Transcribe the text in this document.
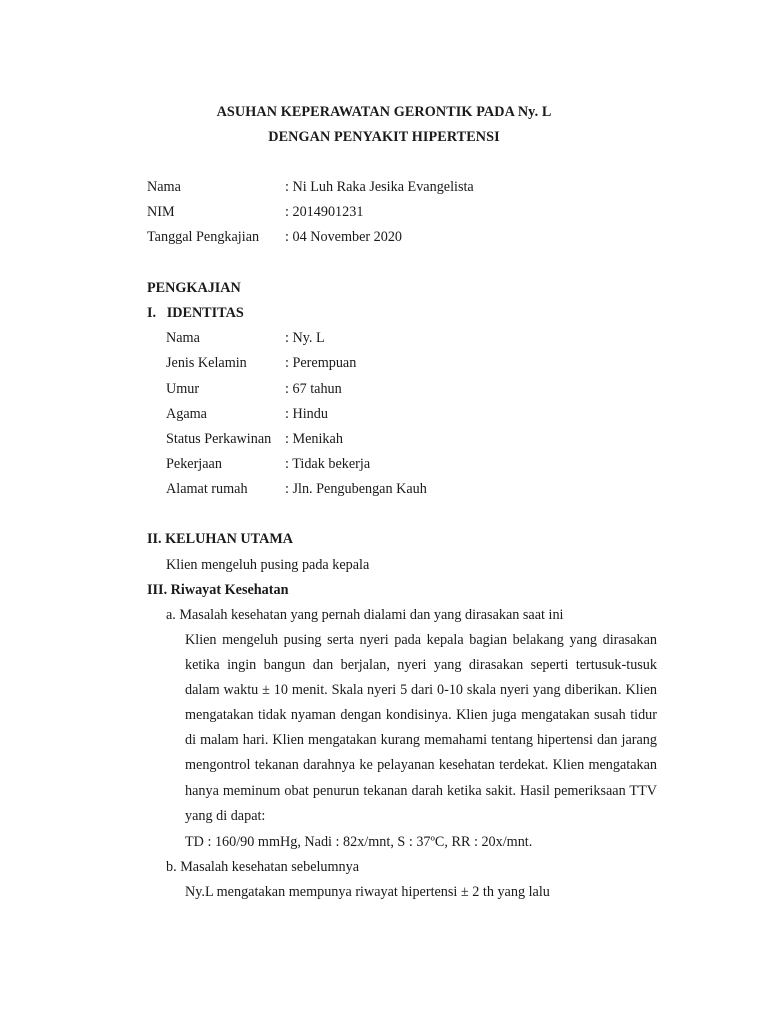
ASUHAN KEPERAWATAN GERONTIK PADA Ny. L
DENGAN PENYAKIT HIPERTENSI
Nama	: Ni Luh Raka Jesika Evangelista
NIM	: 2014901231
Tanggal Pengkajian : 04 November 2020
PENGKAJIAN
I.   IDENTITAS
Nama	: Ny. L
Jenis Kelamin	: Perempuan
Umur	: 67 tahun
Agama	: Hindu
Status Perkawinan : Menikah
Pekerjaan	: Tidak bekerja
Alamat rumah	: Jln. Pengubengan Kauh
II. KELUHAN UTAMA
Klien mengeluh pusing pada kepala
III. Riwayat Kesehatan
a. Masalah kesehatan yang pernah dialami dan yang dirasakan saat ini
Klien mengeluh pusing serta nyeri pada kepala bagian belakang yang dirasakan ketika ingin bangun dan berjalan, nyeri yang dirasakan seperti tertusuk-tusuk dalam waktu ± 10 menit. Skala nyeri 5 dari 0-10 skala nyeri yang diberikan. Klien mengatakan tidak nyaman dengan kondisinya. Klien juga mengatakan susah tidur di malam hari. Klien mengatakan kurang memahami tentang hipertensi dan jarang mengontrol tekanan darahnya ke pelayanan kesehatan terdekat. Klien mengatakan hanya meminum obat penurun tekanan darah ketika sakit. Hasil pemeriksaan TTV yang di dapat:
TD : 160/90 mmHg, Nadi : 82x/mnt, S : 37ºC, RR : 20x/mnt.
b. Masalah kesehatan sebelumnya
Ny.L mengatakan mempunya riwayat hipertensi ± 2 th yang lalu
